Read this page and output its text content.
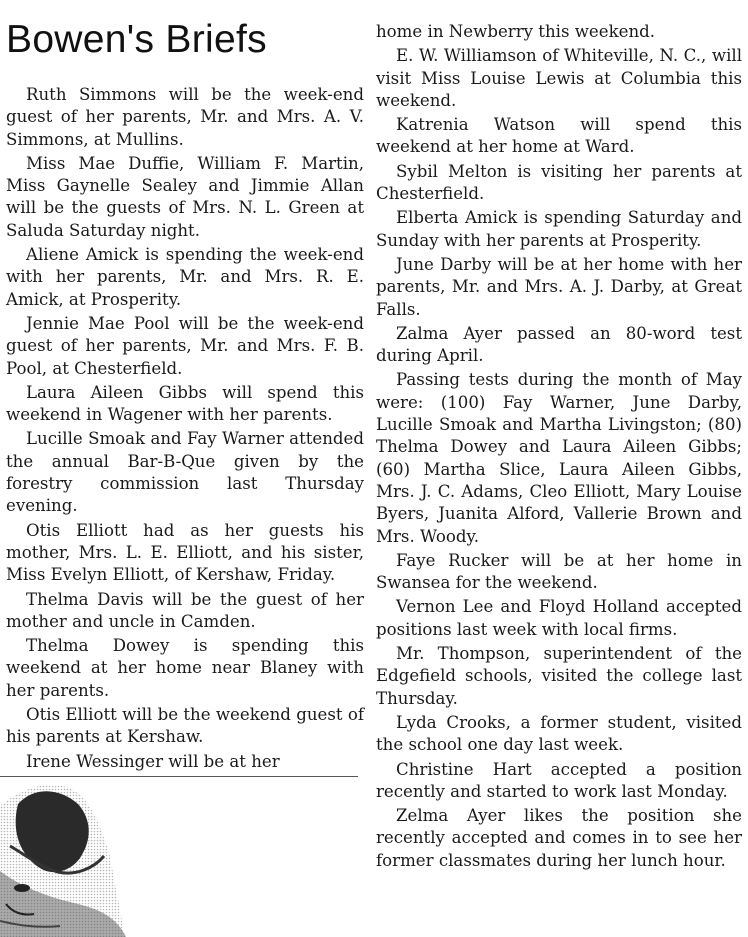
Bowen's Briefs

Ruth Simmons will be the week-end guest of her parents, Mr. and Mrs. A. V. Simmons, at Mullins.

Miss Mae Duffie, William F. Martin, Miss Gaynelle Sealey and Jimmie Allan will be the guests of Mrs. N. L. Green at Saluda Saturday night.

Aliene Amick is spending the week-end with her parents, Mr. and Mrs. R. E. Amick, at Prosperity.

Jennie Mae Pool will be the week-end guest of her parents, Mr. and Mrs. F. B. Pool, at Chesterfield.

Laura Aileen Gibbs will spend this weekend in Wagener with her parents.

Lucille Smoak and Fay Warner attended the annual Bar-B-Que given by the forestry commission last Thursday evening.

Otis Elliott had as her guests his mother, Mrs. L. E. Elliott, and his sister, Miss Evelyn Elliott, of Kershaw, Friday.

Thelma Davis will be the guest of her mother and uncle in Camden.

Thelma Dowey is spending this weekend at her home near Blaney with her parents.

Otis Elliott will be the weekend guest of his parents at Kershaw.

Irene Wessinger will be at her

home in Newberry this weekend.

E. W. Williamson of Whiteville, N. C., will visit Miss Louise Lewis at Columbia this weekend.

Katrenia Watson will spend this weekend at her home at Ward.

Sybil Melton is visiting her parents at Chesterfield.

Elberta Amick is spending Saturday and Sunday with her parents at Prosperity.

June Darby will be at her home with her parents, Mr. and Mrs. A. J. Darby, at Great Falls.

Zalma Ayer passed an 80-word test during April.

Passing tests during the month of May were: (100) Fay Warner, June Darby, Lucille Smoak and Martha Livingston; (80) Thelma Dowey and Laura Aileen Gibbs; (60) Martha Slice, Laura Aileen Gibbs, Mrs. J. C. Adams, Cleo Elliott, Mary Louise Byers, Juanita Alford, Vallerie Brown and Mrs. Woody.

Faye Rucker will be at her home in Swansea for the weekend.

Vernon Lee and Floyd Holland accepted positions last week with local firms.

Mr. Thompson, superintendent of the Edgefield schools, visited the college last Thursday.

Lyda Crooks, a former student, visited the school one day last week.

Christine Hart accepted a position recently and started to work last Monday.

Zelma Ayer likes the position she recently accepted and comes in to see her former classmates during her lunch hour.
